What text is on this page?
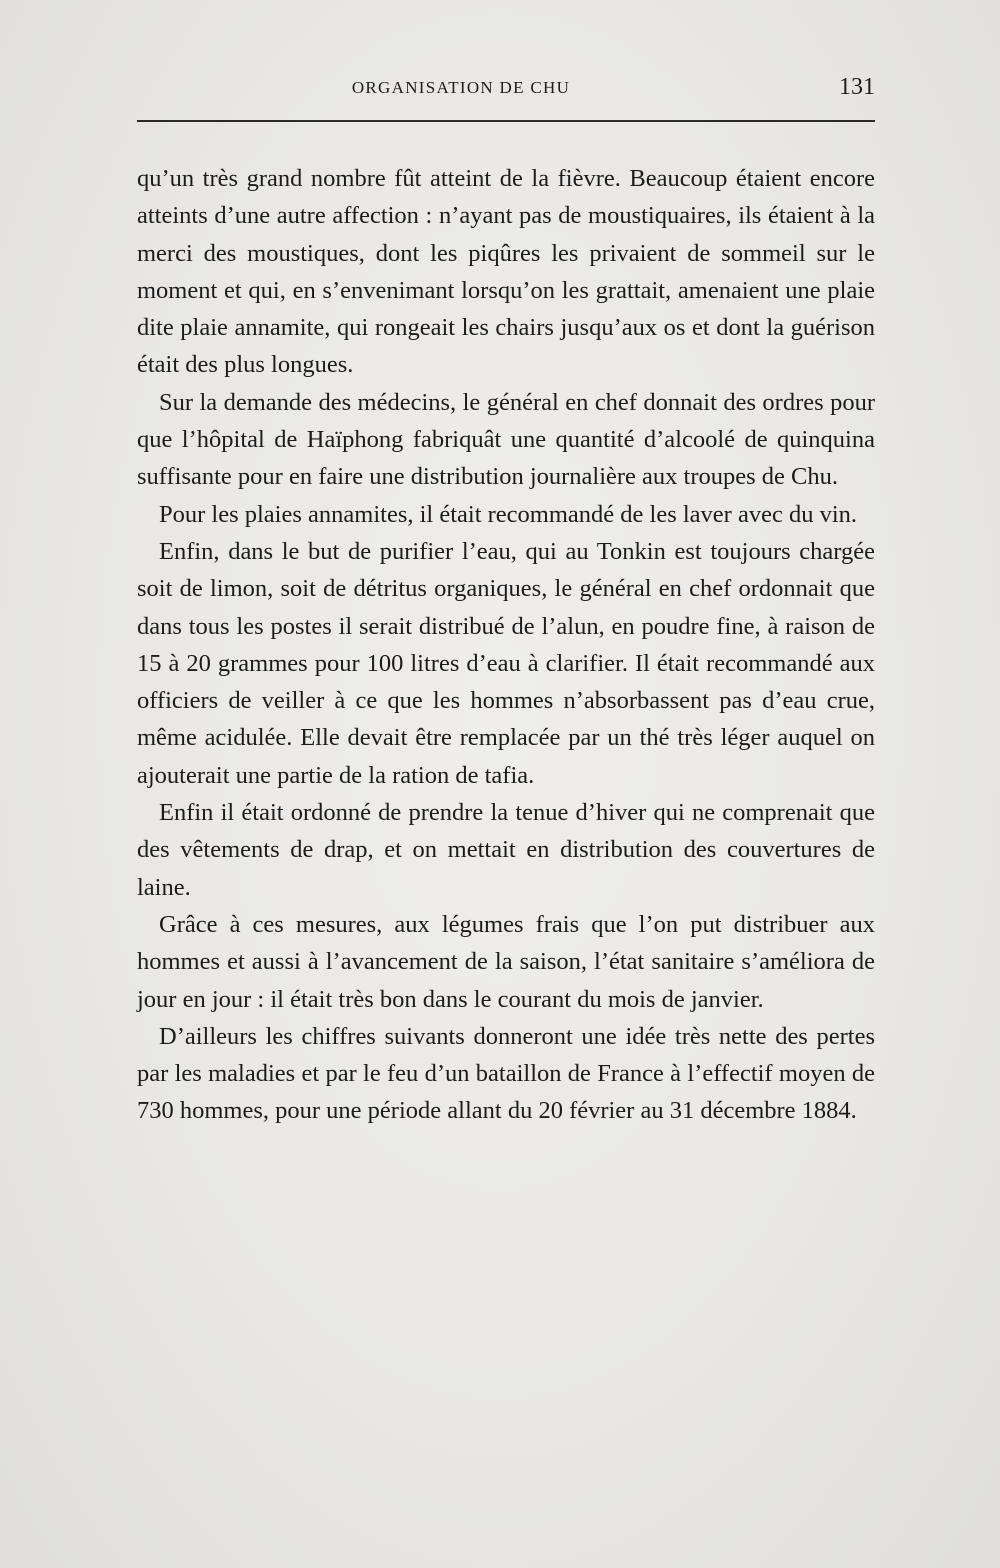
ORGANISATION DE CHU	131

qu’un très grand nombre fût atteint de la fièvre. Beaucoup étaient encore atteints d’une autre affection : n’ayant pas de moustiquaires, ils étaient à la merci des moustiques, dont les piqûres les privaient de sommeil sur le moment et qui, en s’envenimant lorsqu’on les grattait, amenaient une plaie dite plaie annamite, qui rongeait les chairs jusqu’aux os et dont la guérison était des plus longues.

Sur la demande des médecins, le général en chef donnait des ordres pour que l’hôpital de Haïphong fabriquât une quantité d’alcoolé de quinquina suffisante pour en faire une distribution journalière aux troupes de Chu.

Pour les plaies annamites, il était recommandé de les laver avec du vin.

Enfin, dans le but de purifier l’eau, qui au Tonkin est toujours chargée soit de limon, soit de détritus organiques, le général en chef ordonnait que dans tous les postes il serait distribué de l’alun, en poudre fine, à raison de 15 à 20 grammes pour 100 litres d’eau à clarifier. Il était recommandé aux officiers de veiller à ce que les hommes n’absorbassent pas d’eau crue, même acidulée. Elle devait être remplacée par un thé très léger auquel on ajouterait une partie de la ration de tafia.

Enfin il était ordonné de prendre la tenue d’hiver qui ne comprenait que des vêtements de drap, et on mettait en distribution des couvertures de laine.

Grâce à ces mesures, aux légumes frais que l’on put distribuer aux hommes et aussi à l’avancement de la saison, l’état sanitaire s’améliora de jour en jour : il était très bon dans le courant du mois de janvier.

D’ailleurs les chiffres suivants donneront une idée très nette des pertes par les maladies et par le feu d’un bataillon de France à l’effectif moyen de 730 hommes, pour une période allant du 20 février au 31 décembre 1884.
